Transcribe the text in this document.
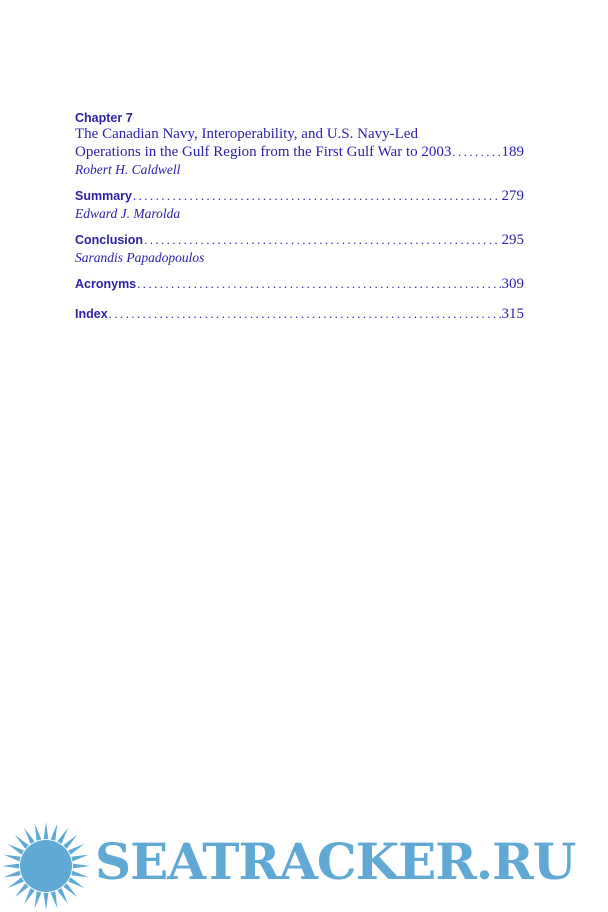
Chapter 7
The Canadian Navy, Interoperability, and U.S. Navy-Led
Operations in the Gulf Region from the First Gulf War to 2003 .....	189
Robert H. Caldwell
Summary .....	279
Edward J. Marolda
Conclusion .....	295
Sarandis Papadopoulos
Acronyms .....	309
Index .....	315
SEATRACKER.RU
